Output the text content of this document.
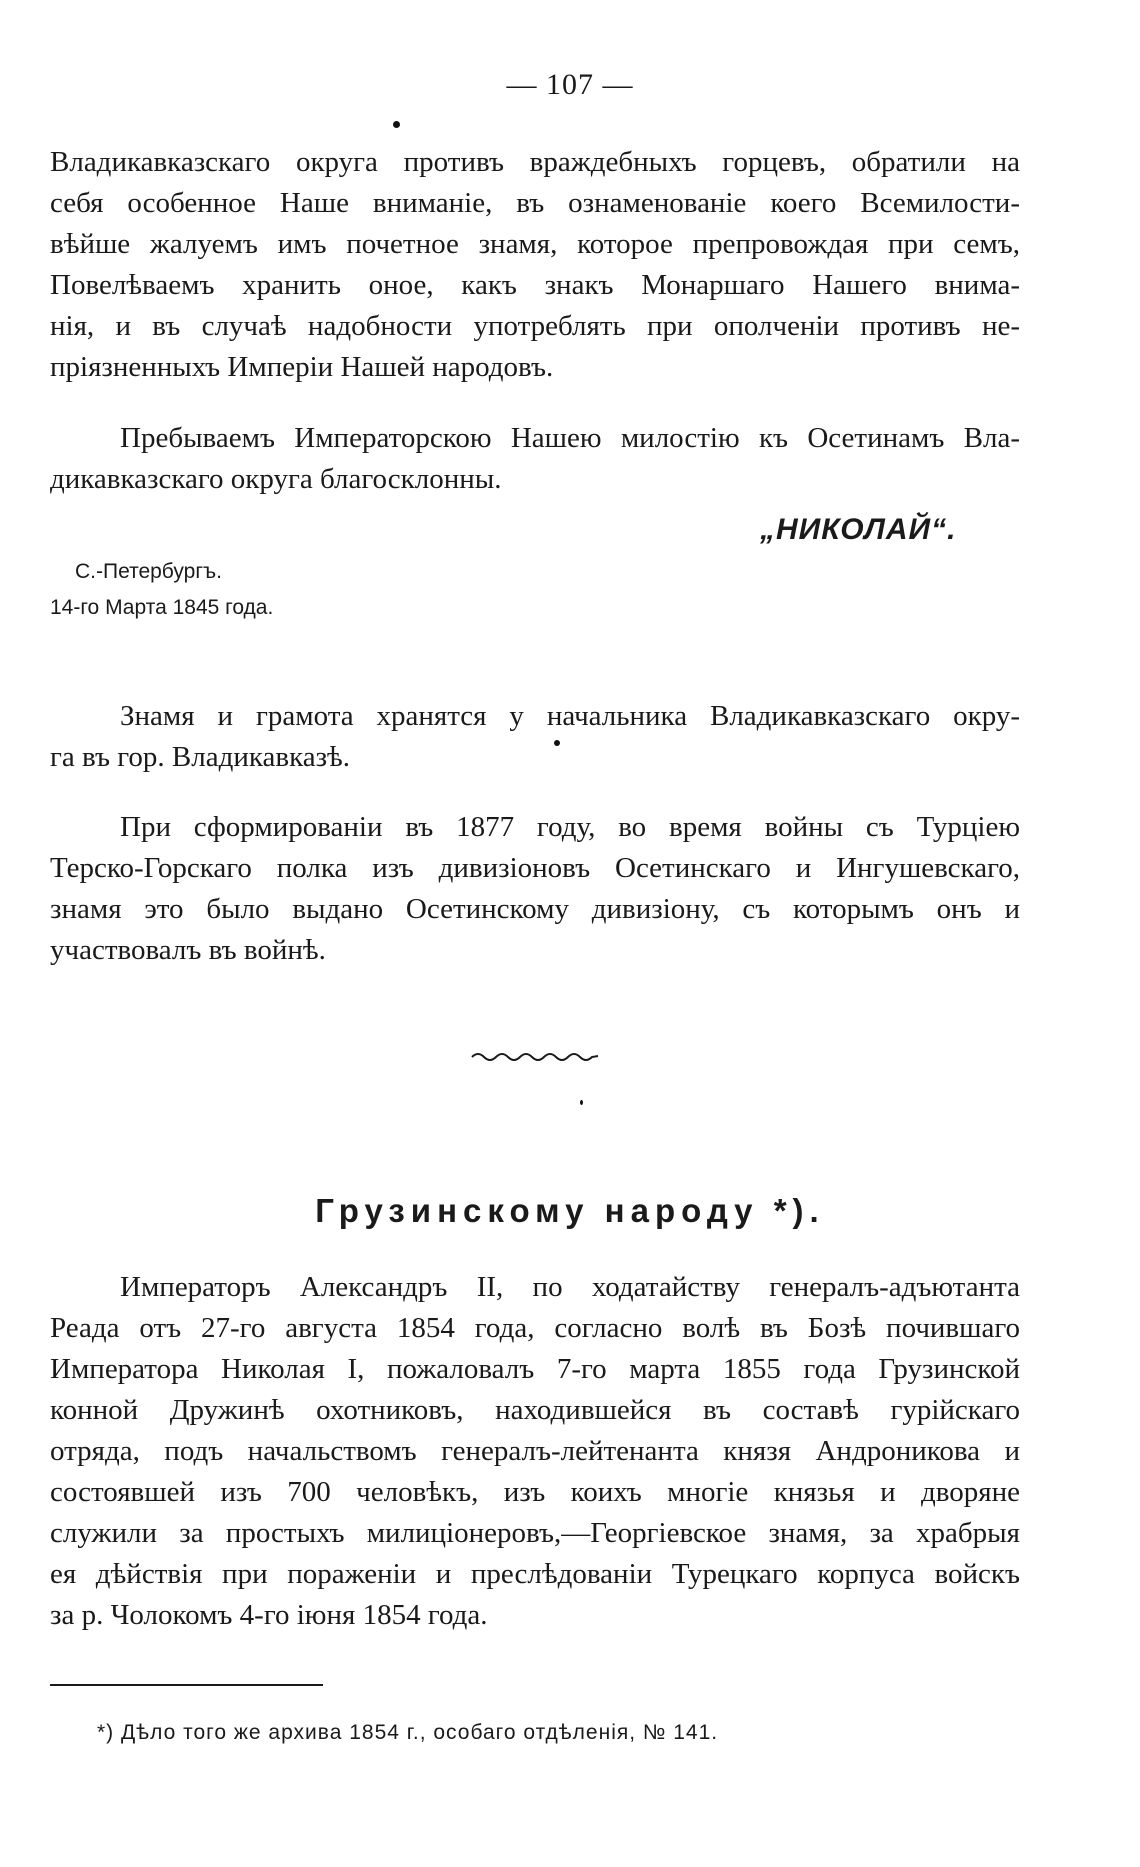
— 107 —
Владикавказскаго округа противъ враждебныхъ горцевъ, обратили на
себя особенное Наше вниманіе, въ ознаменованіе коего Всемилости-
вѣйше жалуемъ имъ почетное знамя, которое препровождая при семъ,
Повелѣваемъ хранить оное, какъ знакъ Монаршаго Нашего внима-
нія, и въ случаѣ надобности употреблять при ополченіи противъ не-
пріязненныхъ Имперіи Нашей народовъ.
Пребываемъ Императорскою Нашею милостію къ Осетинамъ Вла-
дикавказскаго округа благосклонны.
„НИКОЛАЙ“.
С.-Петербургъ.
14-го Марта 1845 года.
Знамя и грамота хранятся у начальника Владикавказскаго окру-
га въ гор. Владикавказѣ.
При сформированіи въ 1877 году, во время войны съ Турціею
Терско-Горскаго полка изъ дивизіоновъ Осетинскаго и Ингушевскаго,
знамя это было выдано Осетинскому дивизіону, съ которымъ онъ и
участвовалъ въ войнѣ.
Грузинскому народу *).
Императоръ Александръ II, по ходатайству генералъ-адъютанта
Реада отъ 27-го августа 1854 года, согласно волѣ въ Бозѣ почившаго
Императора Николая I, пожаловалъ 7-го марта 1855 года Грузинской
конной Дружинѣ охотниковъ, находившейся въ составѣ гурійскаго
отряда, подъ начальствомъ генералъ-лейтенанта князя Андроникова и
состоявшей изъ 700 человѣкъ, изъ коихъ многіе князья и дворяне
служили за простыхъ милиціонеровъ,—Георгіевское знамя, за храбрыя
ея дѣйствія при пораженіи и преслѣдованіи Турецкаго корпуса войскъ
за р. Чолокомъ 4-го іюня 1854 года.
*) Дѣло того же архива 1854 г., особаго отдѣленія, № 141.
